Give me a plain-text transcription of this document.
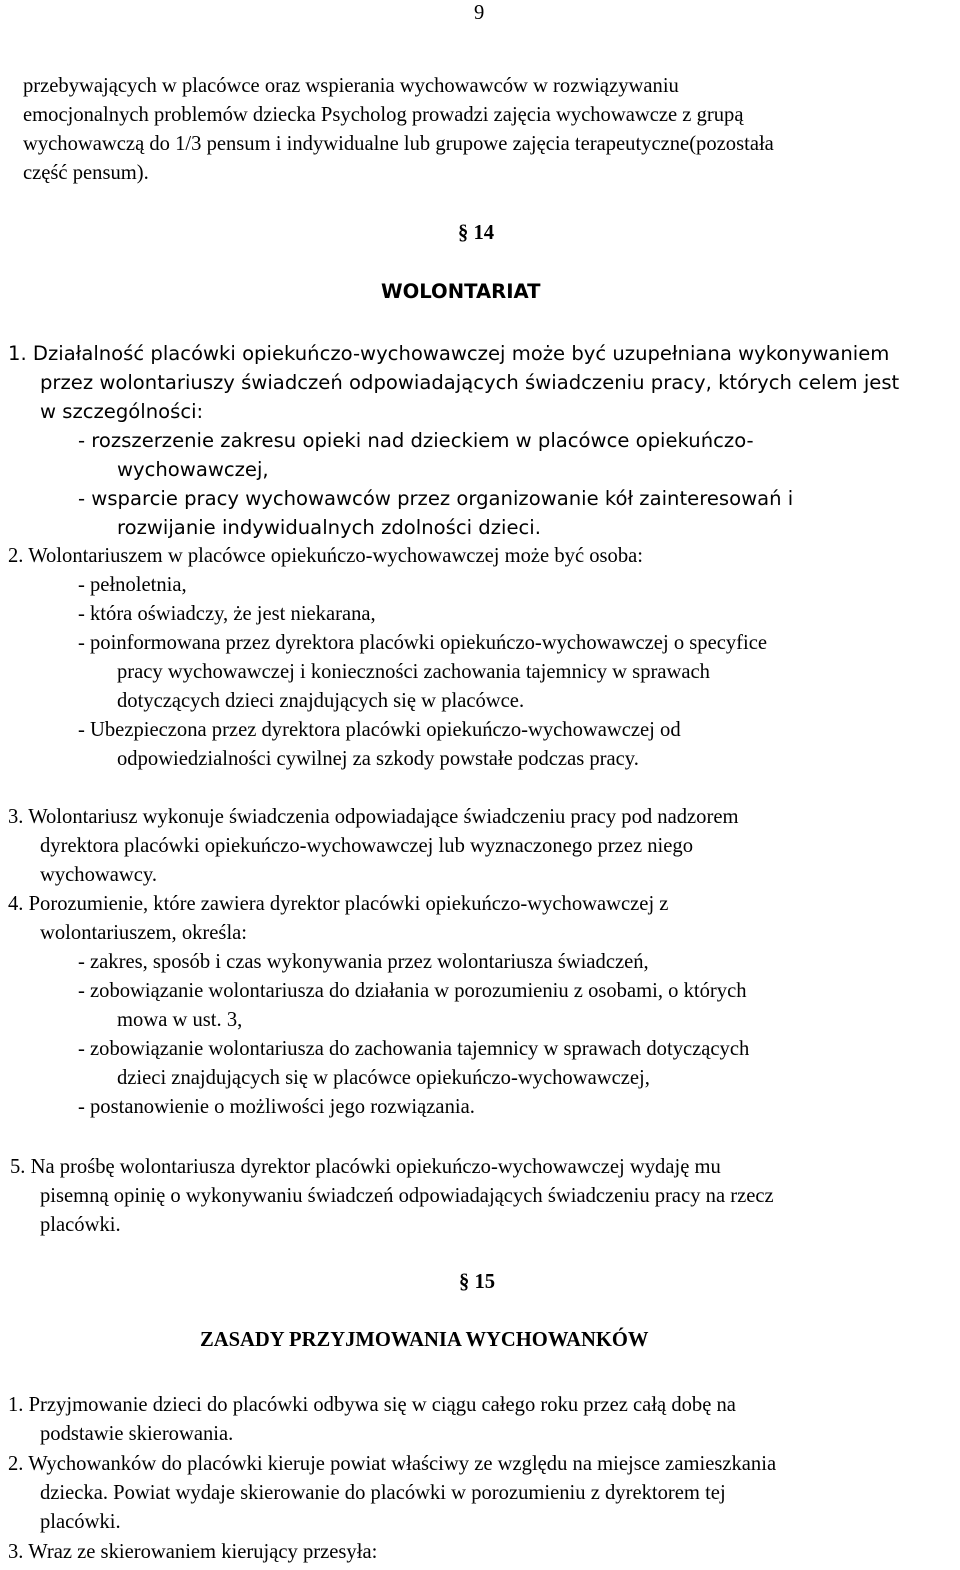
9
przebywających w placówce oraz wspierania wychowawców w rozwiązywaniu
emocjonalnych problemów dziecka Psycholog prowadzi zajęcia wychowawcze z grupą
wychowawczą do 1/3 pensum i indywidualne lub grupowe zajęcia terapeutyczne(pozostała
część pensum).
§ 14
WOLONTARIAT
1. Działalność placówki opiekuńczo-wychowawczej może być uzupełniana wykonywaniem
przez wolontariuszy świadczeń odpowiadających świadczeniu pracy, których celem jest
w szczególności:
- rozszerzenie zakresu opieki nad dzieckiem w placówce opiekuńczo-
wychowawczej,
- wsparcie pracy wychowawców przez organizowanie kół zainteresowań i
rozwijanie indywidualnych zdolności dzieci.
2. Wolontariuszem w placówce opiekuńczo-wychowawczej może być osoba:
- pełnoletnia,
- która oświadczy, że jest niekarana,
- poinformowana przez dyrektora placówki opiekuńczo-wychowawczej o specyfice
pracy wychowawczej i konieczności zachowania tajemnicy w sprawach
dotyczących dzieci znajdujących się w placówce.
- Ubezpieczona przez dyrektora placówki opiekuńczo-wychowawczej od
odpowiedzialności cywilnej za szkody powstałe podczas pracy.
3. Wolontariusz wykonuje świadczenia odpowiadające świadczeniu pracy pod nadzorem
dyrektora placówki opiekuńczo-wychowawczej lub wyznaczonego przez niego
wychowawcy.
4. Porozumienie, które zawiera dyrektor placówki opiekuńczo-wychowawczej z
wolontariuszem, określa:
- zakres, sposób i czas wykonywania przez wolontariusza świadczeń,
- zobowiązanie wolontariusza do działania w porozumieniu z osobami, o których
mowa w ust. 3,
- zobowiązanie wolontariusza do zachowania tajemnicy w sprawach dotyczących
dzieci znajdujących się w placówce opiekuńczo-wychowawczej,
- postanowienie o możliwości jego rozwiązania.
5. Na prośbę wolontariusza dyrektor placówki opiekuńczo-wychowawczej wydaję mu
pisemną opinię o wykonywaniu świadczeń odpowiadających świadczeniu pracy na rzecz
placówki.
§ 15
ZASADY PRZYJMOWANIA WYCHOWANKÓW
1. Przyjmowanie dzieci do placówki odbywa się w ciągu całego roku przez całą dobę na
podstawie skierowania.
2. Wychowanków do placówki kieruje powiat właściwy ze względu na miejsce zamieszkania
dziecka. Powiat wydaje skierowanie do placówki w porozumieniu z dyrektorem tej
placówki.
3. Wraz ze skierowaniem kierujący przesyła:
